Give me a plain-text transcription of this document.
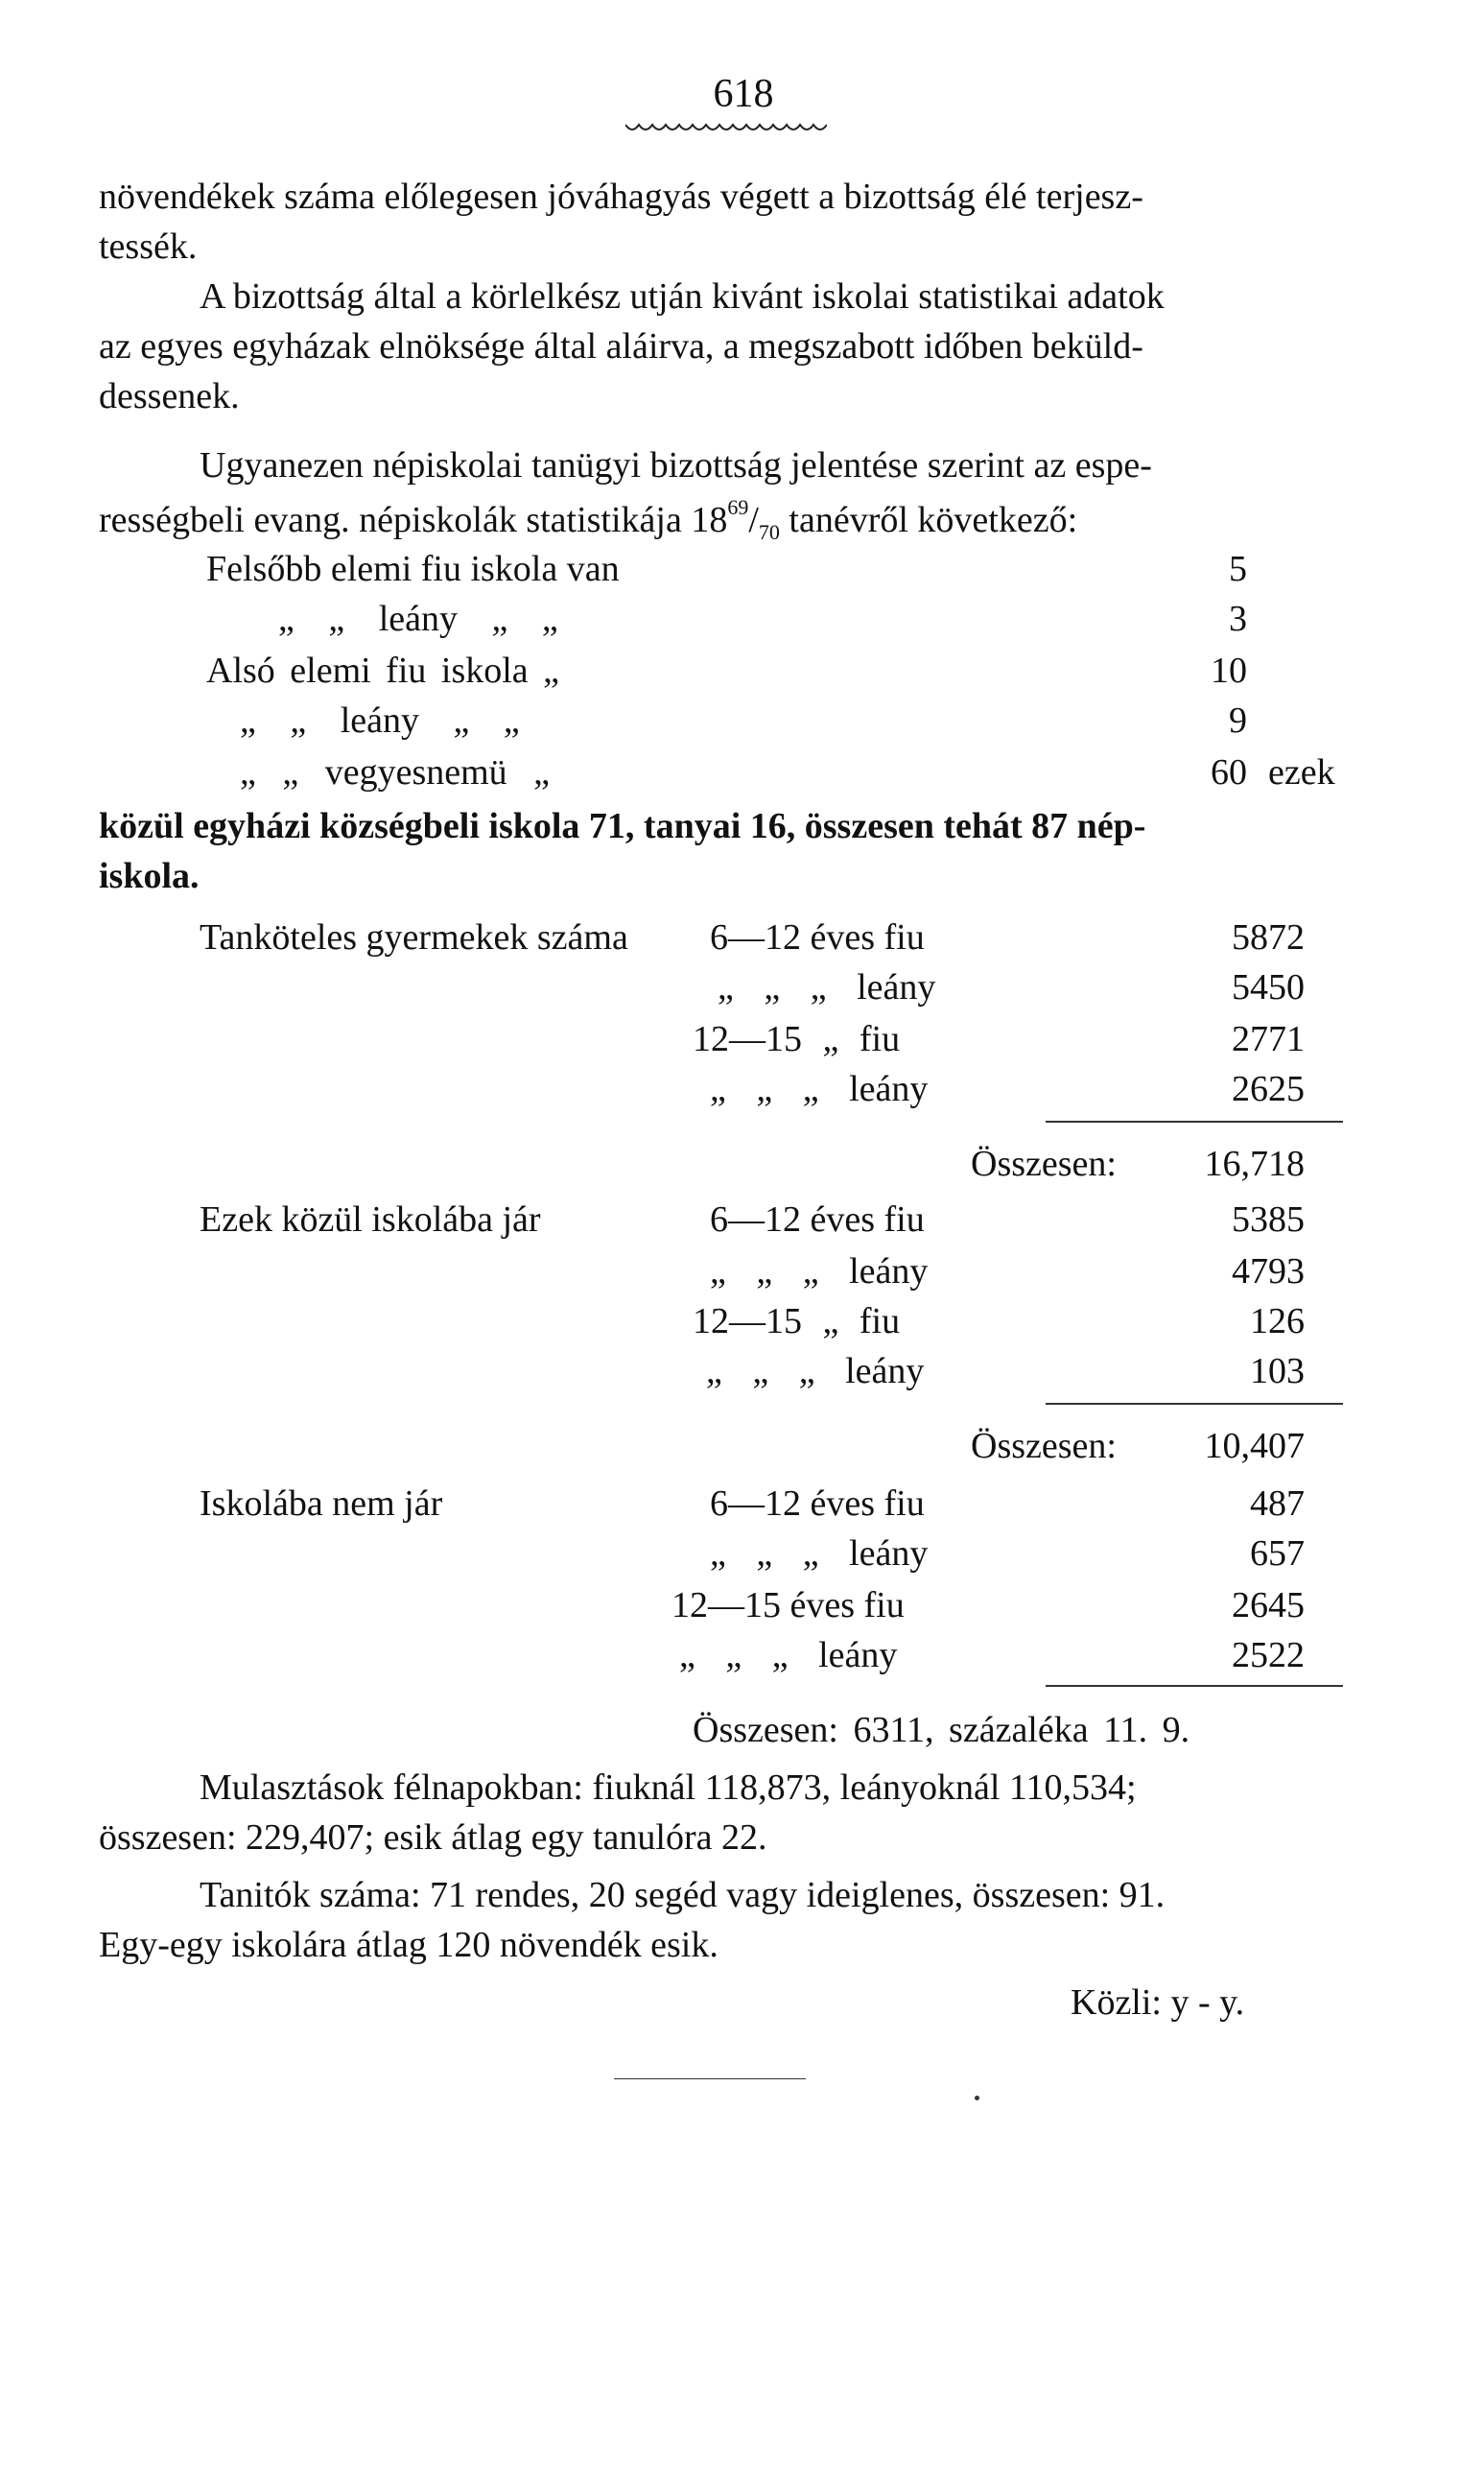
618
növendékek száma előlegesen jóváhagyás végett a bizottság élé terjesz-
tessék.
A bizottság által a körlelkész utján kivánt iskolai statistikai adatok
az egyes egyházak elnöksége által aláirva, a megszabott időben beküld-
dessenek.
Ugyanezen népiskolai tanügyi bizottság jelentése szerint az espe-
rességbeli evang. népiskolák statistikája $18^{69}/_{70}$ tanévről következő:
Felsőbb elemi fiu iskola van	5
„ „ leány „ „	3
Alsó elemi fiu iskola „	10
„ „ leány „ „	9
„ „ vegyesnemü „	60 ezek
közül egyházi községbeli iskola 71, tanyai 16, összesen tehát 87 nép-
iskola.
Tanköteles gyermekek száma 6—12 éves fiu	5872
„ „ „ leány	5450
12—15 „ fiu	2771
„ „ „ leány	2625
Összesen:	16,718
Ezek közül iskolába jár	6—12 éves fiu	5385
„ „ „ leány	4793
12—15 „ fiu	126
„ „ „ leány	103
Összesen:	10,407
Iskolába nem jár	6—12 éves fiu	487
„ „ „ leány	657
12—15 éves fiu	2645
„ „ „ leány	2522
Összesen: 6311, százaléka 11. 9.
Mulasztások félnapokban: fiuknál 118,873, leányoknál 110,534;
összesen: 229,407; esik átlag egy tanulóra 22.
Tanitók száma: 71 rendes, 20 segéd vagy ideiglenes, összesen: 91.
Egy-egy iskolára átlag 120 növendék esik.
Közli: y - y.
